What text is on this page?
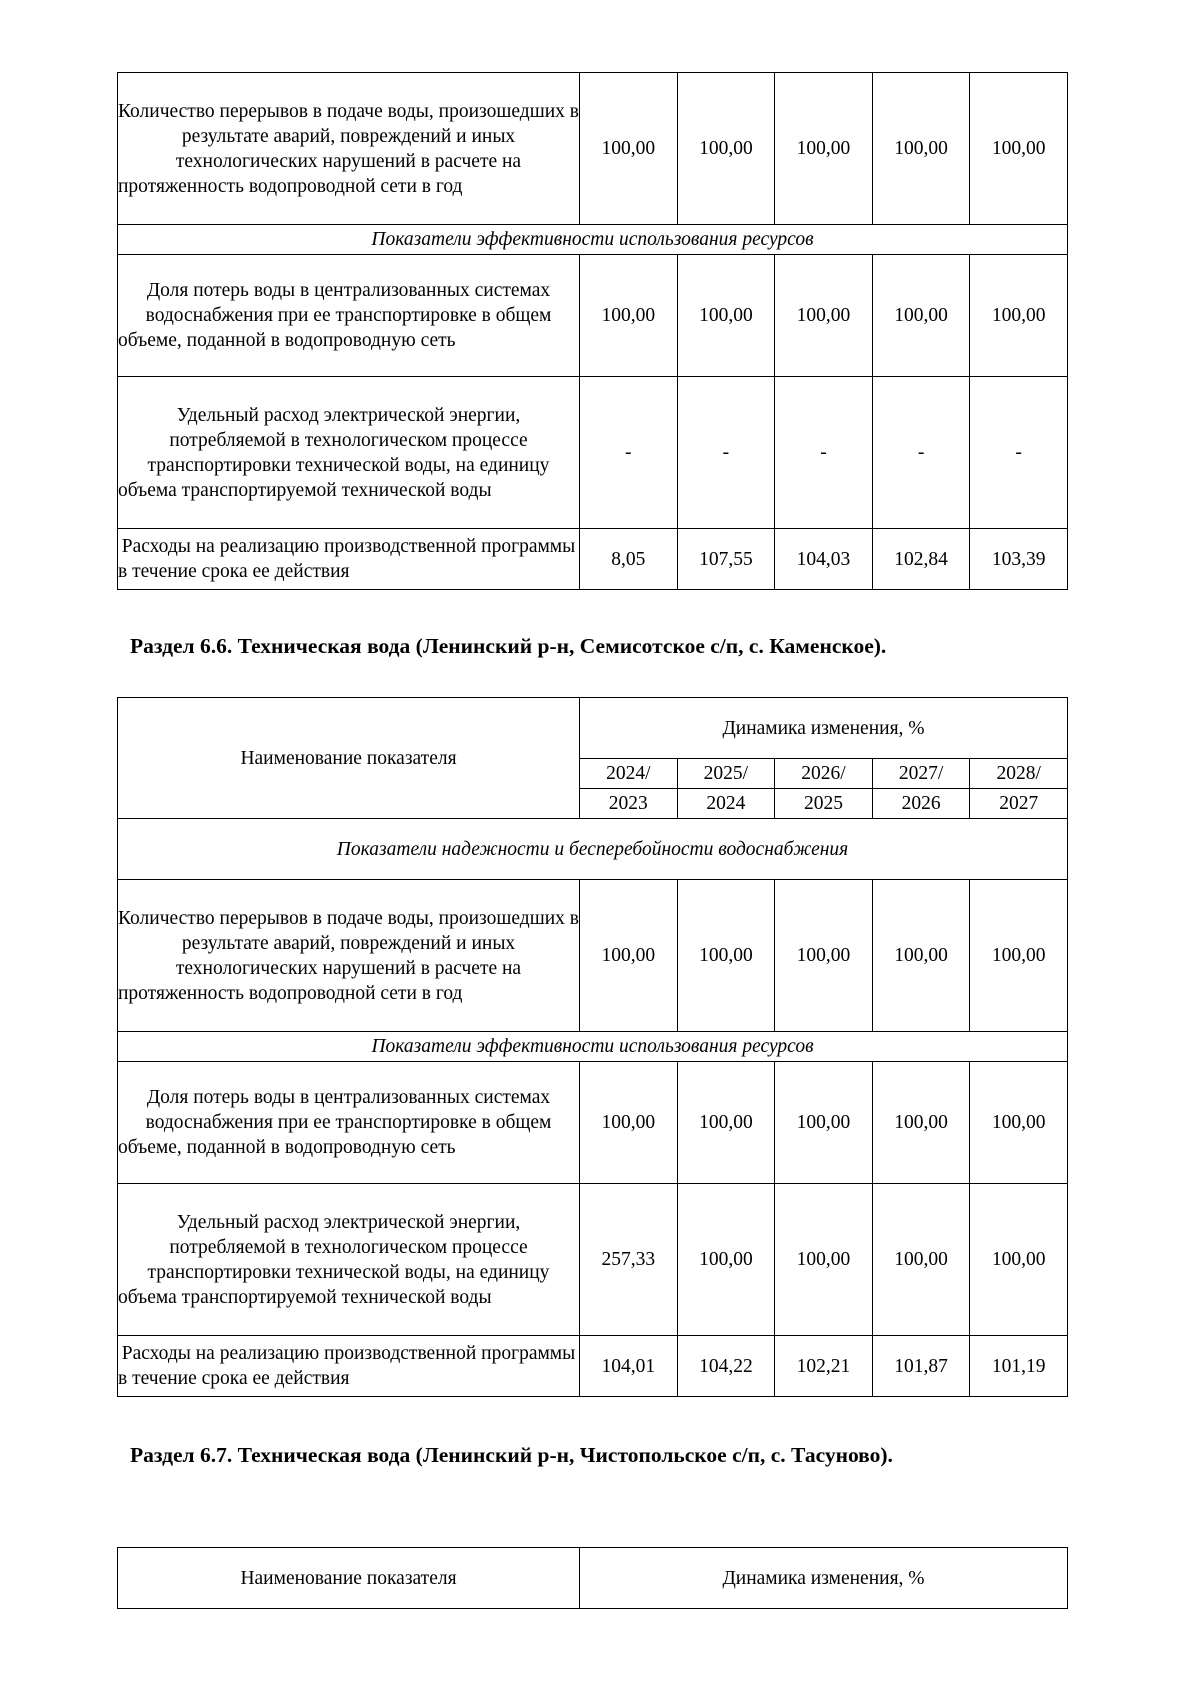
Количество перерывов в подаче воды, произошедших в результате аварий, повреждений и иных технологических нарушений в расчете на протяженность водопроводной сети в год	100,00	100,00	100,00	100,00	100,00
Показатели эффективности использования ресурсов					
Доля потерь воды в централизованных системах водоснабжения при ее транспортировке в общем объеме, поданной в водопроводную сеть	100,00	100,00	100,00	100,00	100,00
Удельный расход электрической энергии, потребляемой в технологическом процессе транспортировки технической воды, на единицу объема транспортируемой технической воды	-	-	-	-	-
Расходы на реализацию производственной программы в течение срока ее действия	8,05	107,55	104,03	102,84	103,39
Раздел 6.6. Техническая вода (Ленинский р-н, Семисотское с/п, с. Каменское).
Наименование показателя	Динамика изменения, %				
	2024/	2025/	2026/	2027/	2028/
	2023	2024	2025	2026	2027
Показатели надежности и бесперебойности водоснабжения					
Количество перерывов в подаче воды, произошедших в результате аварий, повреждений и иных технологических нарушений в расчете на протяженность водопроводной сети в год	100,00	100,00	100,00	100,00	100,00
Показатели эффективности использования ресурсов					
Доля потерь воды в централизованных системах водоснабжения при ее транспортировке в общем объеме, поданной в водопроводную сеть	100,00	100,00	100,00	100,00	100,00
Удельный расход электрической энергии, потребляемой в технологическом процессе транспортировки технической воды, на единицу объема транспортируемой технической воды	257,33	100,00	100,00	100,00	100,00
Расходы на реализацию производственной программы в течение срока ее действия	104,01	104,22	102,21	101,87	101,19
Раздел 6.7. Техническая вода (Ленинский р-н, Чистопольское с/п, с. Тасуново).
Наименование показателя	Динамика изменения, %
